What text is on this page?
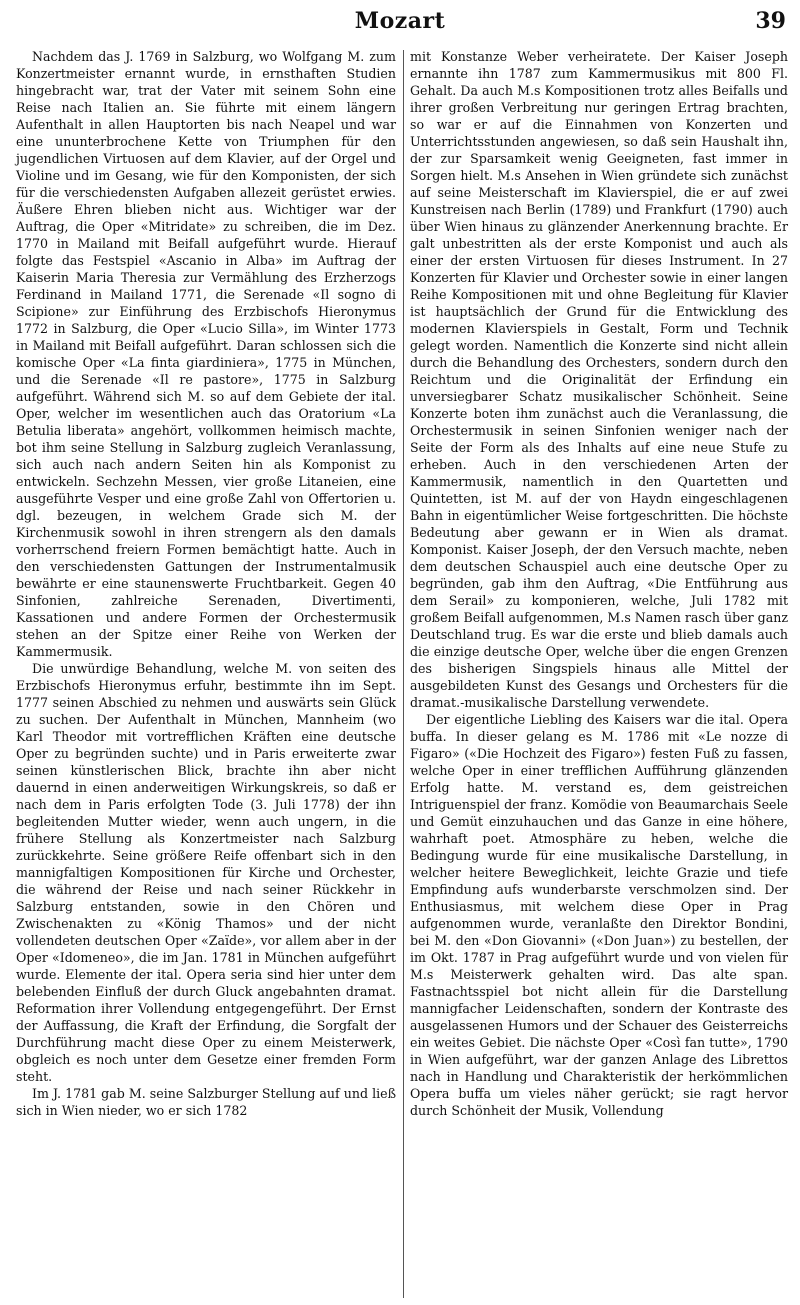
Mozart	39

Nachdem das J. 1769 in Salzburg, wo Wolfgang M. zum Konzertmeister ernannt wurde, in ernsthaften Studien hingebracht war, trat der Vater mit seinem Sohn eine Reise nach Italien an. Sie führte mit einem längern Aufenthalt in allen Hauptorten bis nach Neapel und war eine ununterbrochene Kette von Triumphen für den jugendlichen Virtuosen auf dem Klavier, auf der Orgel und Violine und im Gesang, wie für den Komponisten, der sich für die verschiedensten Aufgaben allezeit gerüstet erwies. Äußere Ehren blieben nicht aus. Wichtiger war der Auftrag, die Oper «Mitridate» zu schreiben, die im Dez. 1770 in Mailand mit Beifall aufgeführt wurde. Hierauf folgte das Festspiel «Ascanio in Alba» im Auftrag der Kaiserin Maria Theresia zur Vermählung des Erzherzogs Ferdinand in Mailand 1771, die Serenade «Il sogno di Scipione» zur Einführung des Erzbischofs Hieronymus 1772 in Salzburg, die Oper «Lucio Silla», im Winter 1773 in Mailand mit Beifall aufgeführt. Daran schlossen sich die komische Oper «La finta giardiniera», 1775 in München, und die Serenade «Il re pastore», 1775 in Salzburg aufgeführt. Während sich M. so auf dem Gebiete der ital. Oper, welcher im wesentlichen auch das Oratorium «La Betulia liberata» angehört, vollkommen heimisch machte, bot ihm seine Stellung in Salzburg zugleich Veranlassung, sich auch nach andern Seiten hin als Komponist zu entwickeln. Sechzehn Messen, vier große Litaneien, eine ausgeführte Vesper und eine große Zahl von Offertorien u. dgl. bezeugen, in welchem Grade sich M. der Kirchenmusik sowohl in ihren strengern als den damals vorherrschend freiern Formen bemächtigt hatte. Auch in den verschiedensten Gattungen der Instrumentalmusik bewährte er eine staunenswerte Fruchtbarkeit. Gegen 40 Sinfonien, zahlreiche Serenaden, Divertimenti, Kassationen und andere Formen der Orchestermusik stehen an der Spitze einer Reihe von Werken der Kammermusik.

Die unwürdige Behandlung, welche M. von seiten des Erzbischofs Hieronymus erfuhr, bestimmte ihn im Sept. 1777 seinen Abschied zu nehmen und auswärts sein Glück zu suchen. Der Aufenthalt in München, Mannheim (wo Karl Theodor mit vortrefflichen Kräften eine deutsche Oper zu begründen suchte) und in Paris erweiterte zwar seinen künstlerischen Blick, brachte ihn aber nicht dauernd in einen anderweitigen Wirkungskreis, so daß er nach dem in Paris erfolgten Tode (3. Juli 1778) der ihn begleitenden Mutter wieder, wenn auch ungern, in die frühere Stellung als Konzertmeister nach Salzburg zurückkehrte. Seine größere Reife offenbart sich in den mannigfaltigen Kompositionen für Kirche und Orchester, die während der Reise und nach seiner Rückkehr in Salzburg entstanden, sowie in den Chören und Zwischenakten zu «König Thamos» und der nicht vollendeten deutschen Oper «Zaïde», vor allem aber in der Oper «Idomeneo», die im Jan. 1781 in München aufgeführt wurde. Elemente der ital. Opera seria sind hier unter dem belebenden Einfluß der durch Gluck angebahnten dramat. Reformation ihrer Vollendung entgegengeführt. Der Ernst der Auffassung, die Kraft der Erfindung, die Sorgfalt der Durchführung macht diese Oper zu einem Meisterwerk, obgleich es noch unter dem Gesetze einer fremden Form steht.

Im J. 1781 gab M. seine Salzburger Stellung auf und ließ sich in Wien nieder, wo er sich 1782

mit Konstanze Weber verheiratete. Der Kaiser Joseph ernannte ihn 1787 zum Kammermusikus mit 800 Fl. Gehalt. Da auch M.s Kompositionen trotz alles Beifalls und ihrer großen Verbreitung nur geringen Ertrag brachten, so war er auf die Einnahmen von Konzerten und Unterrichtsstunden angewiesen, so daß sein Haushalt ihn, der zur Sparsamkeit wenig Geeigneten, fast immer in Sorgen hielt. M.s Ansehen in Wien gründete sich zunächst auf seine Meisterschaft im Klavierspiel, die er auf zwei Kunstreisen nach Berlin (1789) und Frankfurt (1790) auch über Wien hinaus zu glänzender Anerkennung brachte. Er galt unbestritten als der erste Komponist und auch als einer der ersten Virtuosen für dieses Instrument. In 27 Konzerten für Klavier und Orchester sowie in einer langen Reihe Kompositionen mit und ohne Begleitung für Klavier ist hauptsächlich der Grund für die Entwicklung des modernen Klavierspiels in Gestalt, Form und Technik gelegt worden. Namentlich die Konzerte sind nicht allein durch die Behandlung des Orchesters, sondern durch den Reichtum und die Originalität der Erfindung ein unversiegbarer Schatz musikalischer Schönheit. Seine Konzerte boten ihm zunächst auch die Veranlassung, die Orchestermusik in seinen Sinfonien weniger nach der Seite der Form als des Inhalts auf eine neue Stufe zu erheben. Auch in den verschiedenen Arten der Kammermusik, namentlich in den Quartetten und Quintetten, ist M. auf der von Haydn eingeschlagenen Bahn in eigentümlicher Weise fortgeschritten. Die höchste Bedeutung aber gewann er in Wien als dramat. Komponist. Kaiser Joseph, der den Versuch machte, neben dem deutschen Schauspiel auch eine deutsche Oper zu begründen, gab ihm den Auftrag, «Die Entführung aus dem Serail» zu komponieren, welche, Juli 1782 mit großem Beifall aufgenommen, M.s Namen rasch über ganz Deutschland trug. Es war die erste und blieb damals auch die einzige deutsche Oper, welche über die engen Grenzen des bisherigen Singspiels hinaus alle Mittel der ausgebildeten Kunst des Gesangs und Orchesters für die dramat.-musikalische Darstellung verwendete.

Der eigentliche Liebling des Kaisers war die ital. Opera buffa. In dieser gelang es M. 1786 mit «Le nozze di Figaro» («Die Hochzeit des Figaro») festen Fuß zu fassen, welche Oper in einer trefflichen Aufführung glänzenden Erfolg hatte. M. verstand es, dem geistreichen Intriguenspiel der franz. Komödie von Beaumarchais Seele und Gemüt einzuhauchen und das Ganze in eine höhere, wahrhaft poet. Atmosphäre zu heben, welche die Bedingung wurde für eine musikalische Darstellung, in welcher heitere Beweglichkeit, leichte Grazie und tiefe Empfindung aufs wunderbarste verschmolzen sind. Der Enthusiasmus, mit welchem diese Oper in Prag aufgenommen wurde, veranlaßte den Direktor Bondini, bei M. den «Don Giovanni» («Don Juan») zu bestellen, der im Okt. 1787 in Prag aufgeführt wurde und von vielen für M.s Meisterwerk gehalten wird. Das alte span. Fastnachtsspiel bot nicht allein für die Darstellung mannigfacher Leidenschaften, sondern der Kontraste des ausgelassenen Humors und der Schauer des Geisterreichs ein weites Gebiet. Die nächste Oper «Così fan tutte», 1790 in Wien aufgeführt, war der ganzen Anlage des Librettos nach in Handlung und Charakteristik der herkömmlichen Opera buffa um vieles näher gerückt; sie ragt hervor durch Schönheit der Musik, Vollendung
